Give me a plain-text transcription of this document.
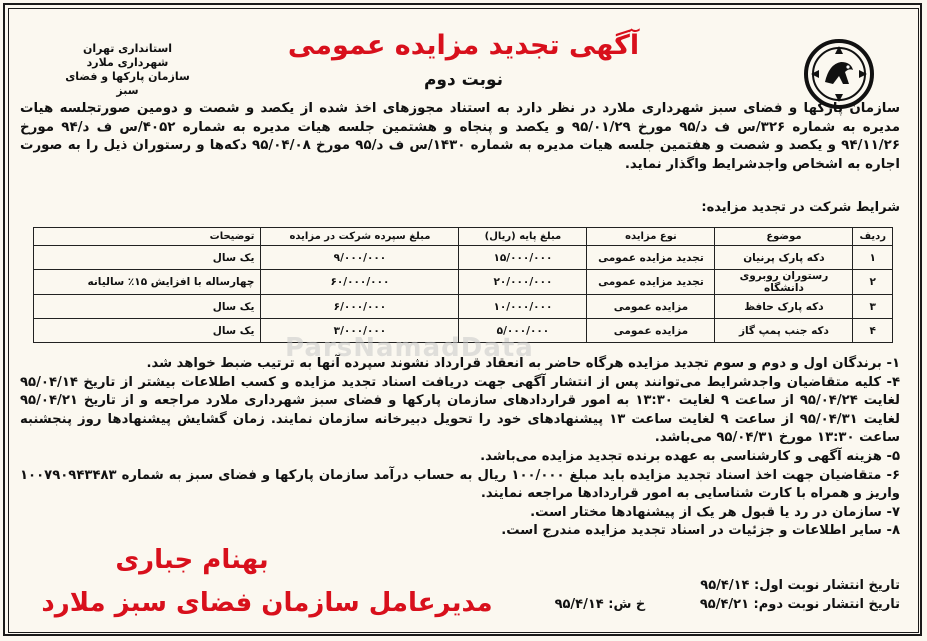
استانداری تهران
شهرداری ملارد
سازمان پارکها و فضای سبز
آگهی تجدید مزایده عمومی
نوبت دوم
سازمان پارکها و فضای سبز شهرداری ملارد در نظر دارد به استناد مجوزهای اخذ شده از یکصد و شصت و دومین صورتجلسه هیات مدیره به شماره ۳۲۶/س ف د/۹۵ مورخ ۹۵/۰۱/۲۹ و یکصد و پنجاه و هشتمین جلسه هیات مدیره به شماره ۴۰۵۲/س ف د/۹۴ مورخ ۹۴/۱۱/۲۶ و یکصد و شصت و هفتمین جلسه هیات مدیره به شماره ۱۴۳۰/س ف د/۹۵ مورخ ۹۵/۰۴/۰۸ دکه‌ها و رستوران ذیل را به صورت اجاره به اشخاص واجدشرایط واگذار نماید.
شرایط شرکت در تجدید مزایده:
ردیف	موضوع	نوع مزایده	مبلغ پایه (ریال)	مبلغ سپرده شرکت در مزایده	توضیحات
۱	دکه پارک پرنیان	تجدید مزایده عمومی	۱۵/۰۰۰/۰۰۰	۹/۰۰۰/۰۰۰	یک سال
۲	رستوران روبروی دانشگاه	تجدید مزایده عمومی	۲۰/۰۰۰/۰۰۰	۶۰/۰۰۰/۰۰۰	چهارساله با افزایش ۱۵٪ سالیانه
۳	دکه پارک حافظ	مزایده عمومی	۱۰/۰۰۰/۰۰۰	۶/۰۰۰/۰۰۰	یک سال
۴	دکه جنب پمپ گاز	مزایده عمومی	۵/۰۰۰/۰۰۰	۳/۰۰۰/۰۰۰	یک سال
ParsNamadData

۱- برندگان اول و دوم و سوم تجدید مزایده هرگاه حاضر به انعقاد قرارداد نشوند سپرده آنها به ترتیب ضبط خواهد شد.

۴- کلیه متقاضیان واجدشرایط می‌توانند پس از انتشار آگهی جهت دریافت اسناد تجدید مزایده و کسب اطلاعات بیشتر از تاریخ ۹۵/۰۴/۱۴ لغایت ۹۵/۰۴/۲۴ از ساعت ۹ لغایت ۱۳:۳۰ به امور قراردادهای سازمان پارکها و فضای سبز شهرداری ملارد مراجعه و از تاریخ ۹۵/۰۴/۲۱ لغایت ۹۵/۰۴/۳۱ از ساعت ۹ لغایت ساعت ۱۳ پیشنهادهای خود را تحویل دبیرخانه سازمان نمایند. زمان گشایش پیشنهادها روز پنجشنبه ساعت ۱۳:۳۰ مورخ ۹۵/۰۴/۳۱ می‌باشد.

۵- هزینه آگهی و کارشناسی به عهده برنده تجدید مزایده می‌باشد.

۶- متقاضیان جهت اخذ اسناد تجدید مزایده باید مبلغ ۱۰۰/۰۰۰ ریال به حساب درآمد سازمان پارکها و فضای سبز به شماره ۱۰۰۷۹۰۹۴۳۴۸۳ واریز و همراه با کارت شناسایی به امور قراردادها مراجعه نمایند.

۷- سازمان در رد یا قبول هر یک از پیشنهادها مختار است.

۸- سایر اطلاعات و جزئیات در اسناد تجدید مزایده مندرج است.

تاریخ انتشار نوبت اول: ۹۵/۴/۱۴
تاریخ انتشار نوبت دوم: ۹۵/۴/۲۱ خ ش: ۹۵/۴/۱۴
بهنام جباری
مدیرعامل سازمان فضای سبز ملارد
